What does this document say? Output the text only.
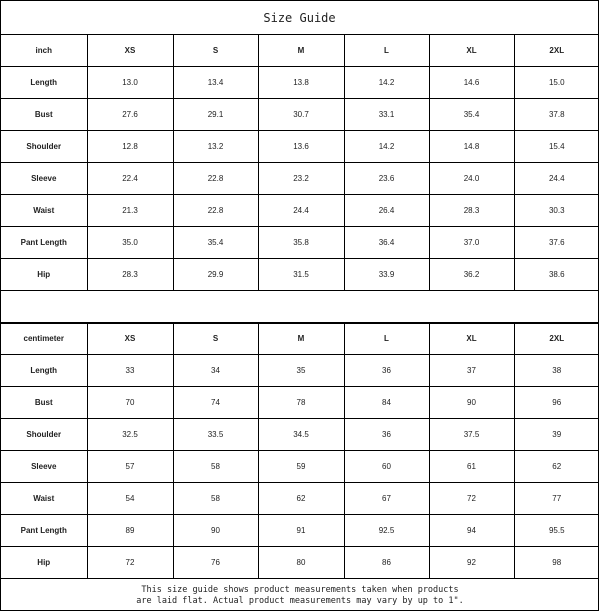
Size Guide
inch	XS	S	M	L	XL	2XL
Length	13.0	13.4	13.8	14.2	14.6	15.0
Bust	27.6	29.1	30.7	33.1	35.4	37.8
Shoulder	12.8	13.2	13.6	14.2	14.8	15.4
Sleeve	22.4	22.8	23.2	23.6	24.0	24.4
Waist	21.3	22.8	24.4	26.4	28.3	30.3
Pant Length	35.0	35.4	35.8	36.4	37.0	37.6
Hip	28.3	29.9	31.5	33.9	36.2	38.6
centimeter	XS	S	M	L	XL	2XL
Length	33	34	35	36	37	38
Bust	70	74	78	84	90	96
Shoulder	32.5	33.5	34.5	36	37.5	39
Sleeve	57	58	59	60	61	62
Waist	54	58	62	67	72	77
Pant Length	89	90	91	92.5	94	95.5
Hip	72	76	80	86	92	98
This size guide shows product measurements taken when products
are laid flat. Actual product measurements may vary by up to 1".
